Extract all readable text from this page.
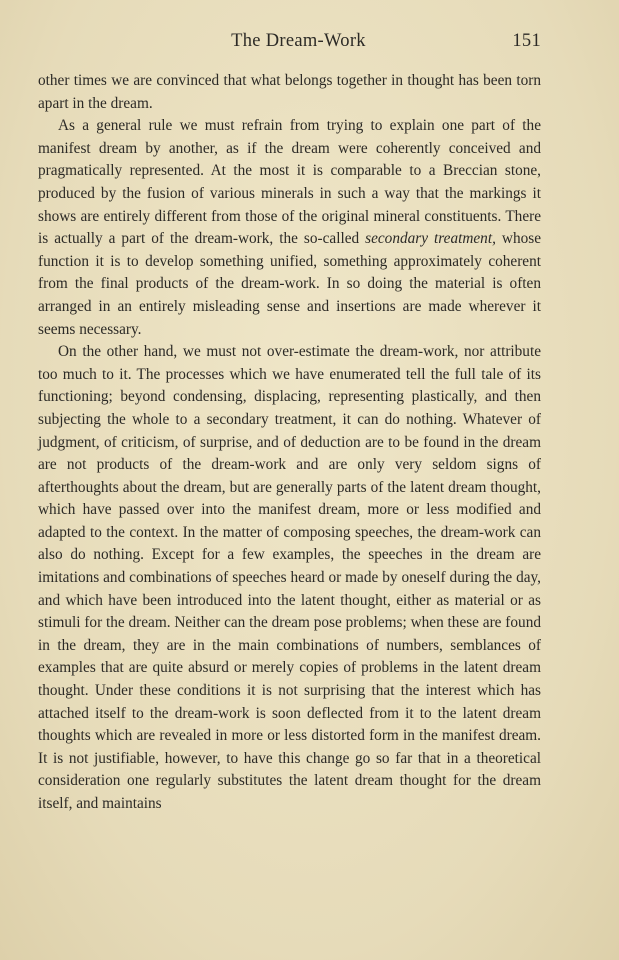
The Dream-Work	151

other times we are convinced that what belongs together in thought has been torn apart in the dream.

As a general rule we must refrain from trying to explain one part of the manifest dream by another, as if the dream were coherently conceived and pragmatically represented. At the most it is comparable to a Breccian stone, produced by the fusion of various minerals in such a way that the markings it shows are entirely different from those of the original mineral constituents. There is actually a part of the dream-work, the so-called secondary treatment, whose function it is to develop something unified, something approximately coherent from the final products of the dream-work. In so doing the material is often arranged in an entirely misleading sense and insertions are made wherever it seems necessary.

On the other hand, we must not over-estimate the dream-work, nor attribute too much to it. The processes which we have enumerated tell the full tale of its functioning; beyond condensing, displacing, representing plastically, and then subjecting the whole to a secondary treatment, it can do nothing. Whatever of judgment, of criticism, of surprise, and of deduction are to be found in the dream are not products of the dream-work and are only very seldom signs of afterthoughts about the dream, but are generally parts of the latent dream thought, which have passed over into the manifest dream, more or less modified and adapted to the context. In the matter of composing speeches, the dream-work can also do nothing. Except for a few examples, the speeches in the dream are imitations and combinations of speeches heard or made by oneself during the day, and which have been introduced into the latent thought, either as material or as stimuli for the dream. Neither can the dream pose problems; when these are found in the dream, they are in the main combinations of numbers, semblances of examples that are quite absurd or merely copies of problems in the latent dream thought. Under these conditions it is not surprising that the interest which has attached itself to the dream-work is soon deflected from it to the latent dream thoughts which are revealed in more or less distorted form in the manifest dream. It is not justifiable, however, to have this change go so far that in a theoretical consideration one regularly substitutes the latent dream thought for the dream itself, and maintains
